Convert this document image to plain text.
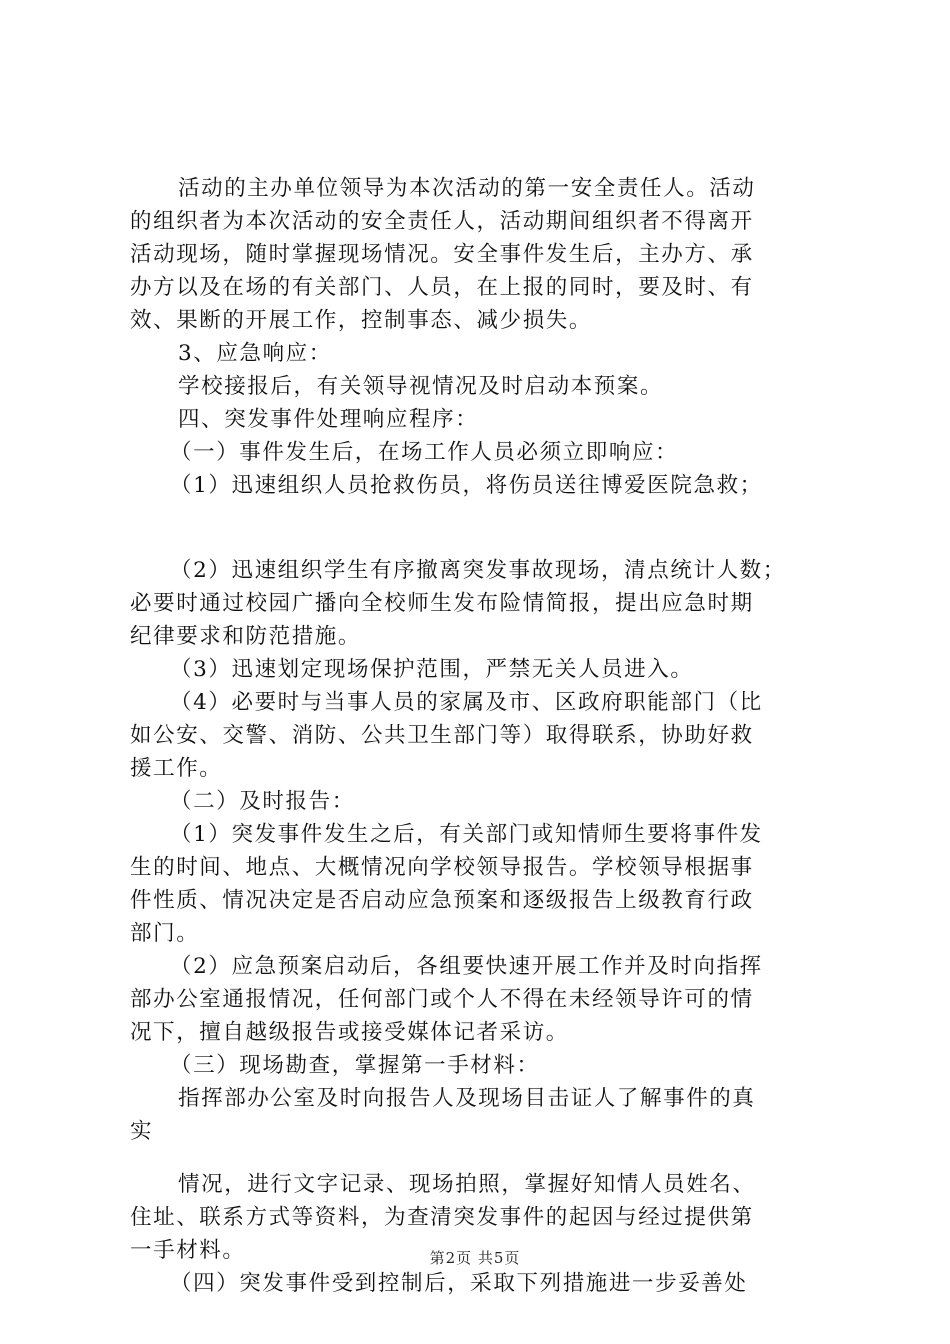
活动的主办单位领导为本次活动的第一安全责任人。活动
的组织者为本次活动的安全责任人，活动期间组织者不得离开
活动现场，随时掌握现场情况。安全事件发生后，主办方、承
办方以及在场的有关部门、人员，在上报的同时，要及时、有
效、果断的开展工作，控制事态、减少损失。
3、应急响应：
学校接报后，有关领导视情况及时启动本预案。
四、突发事件处理响应程序：
（一）事件发生后，在场工作人员必须立即响应：
（1）迅速组织人员抢救伤员，将伤员送往博爱医院急救；
（2）迅速组织学生有序撤离突发事故现场，清点统计人数；
必要时通过校园广播向全校师生发布险情简报，提出应急时期
纪律要求和防范措施。
（3）迅速划定现场保护范围，严禁无关人员进入。
（4）必要时与当事人员的家属及市、区政府职能部门（比
如公安、交警、消防、公共卫生部门等）取得联系，协助好救
援工作。
（二）及时报告：
（1）突发事件发生之后，有关部门或知情师生要将事件发
生的时间、地点、大概情况向学校领导报告。学校领导根据事
件性质、情况决定是否启动应急预案和逐级报告上级教育行政
部门。
（2）应急预案启动后，各组要快速开展工作并及时向指挥
部办公室通报情况，任何部门或个人不得在未经领导许可的情
况下，擅自越级报告或接受媒体记者采访。
（三）现场勘查，掌握第一手材料：
指挥部办公室及时向报告人及现场目击证人了解事件的真
实
情况，进行文字记录、现场拍照，掌握好知情人员姓名、
住址、联系方式等资料，为查清突发事件的起因与经过提供第
一手材料。
（四）突发事件受到控制后，采取下列措施进一步妥善处
第2页 共5页
